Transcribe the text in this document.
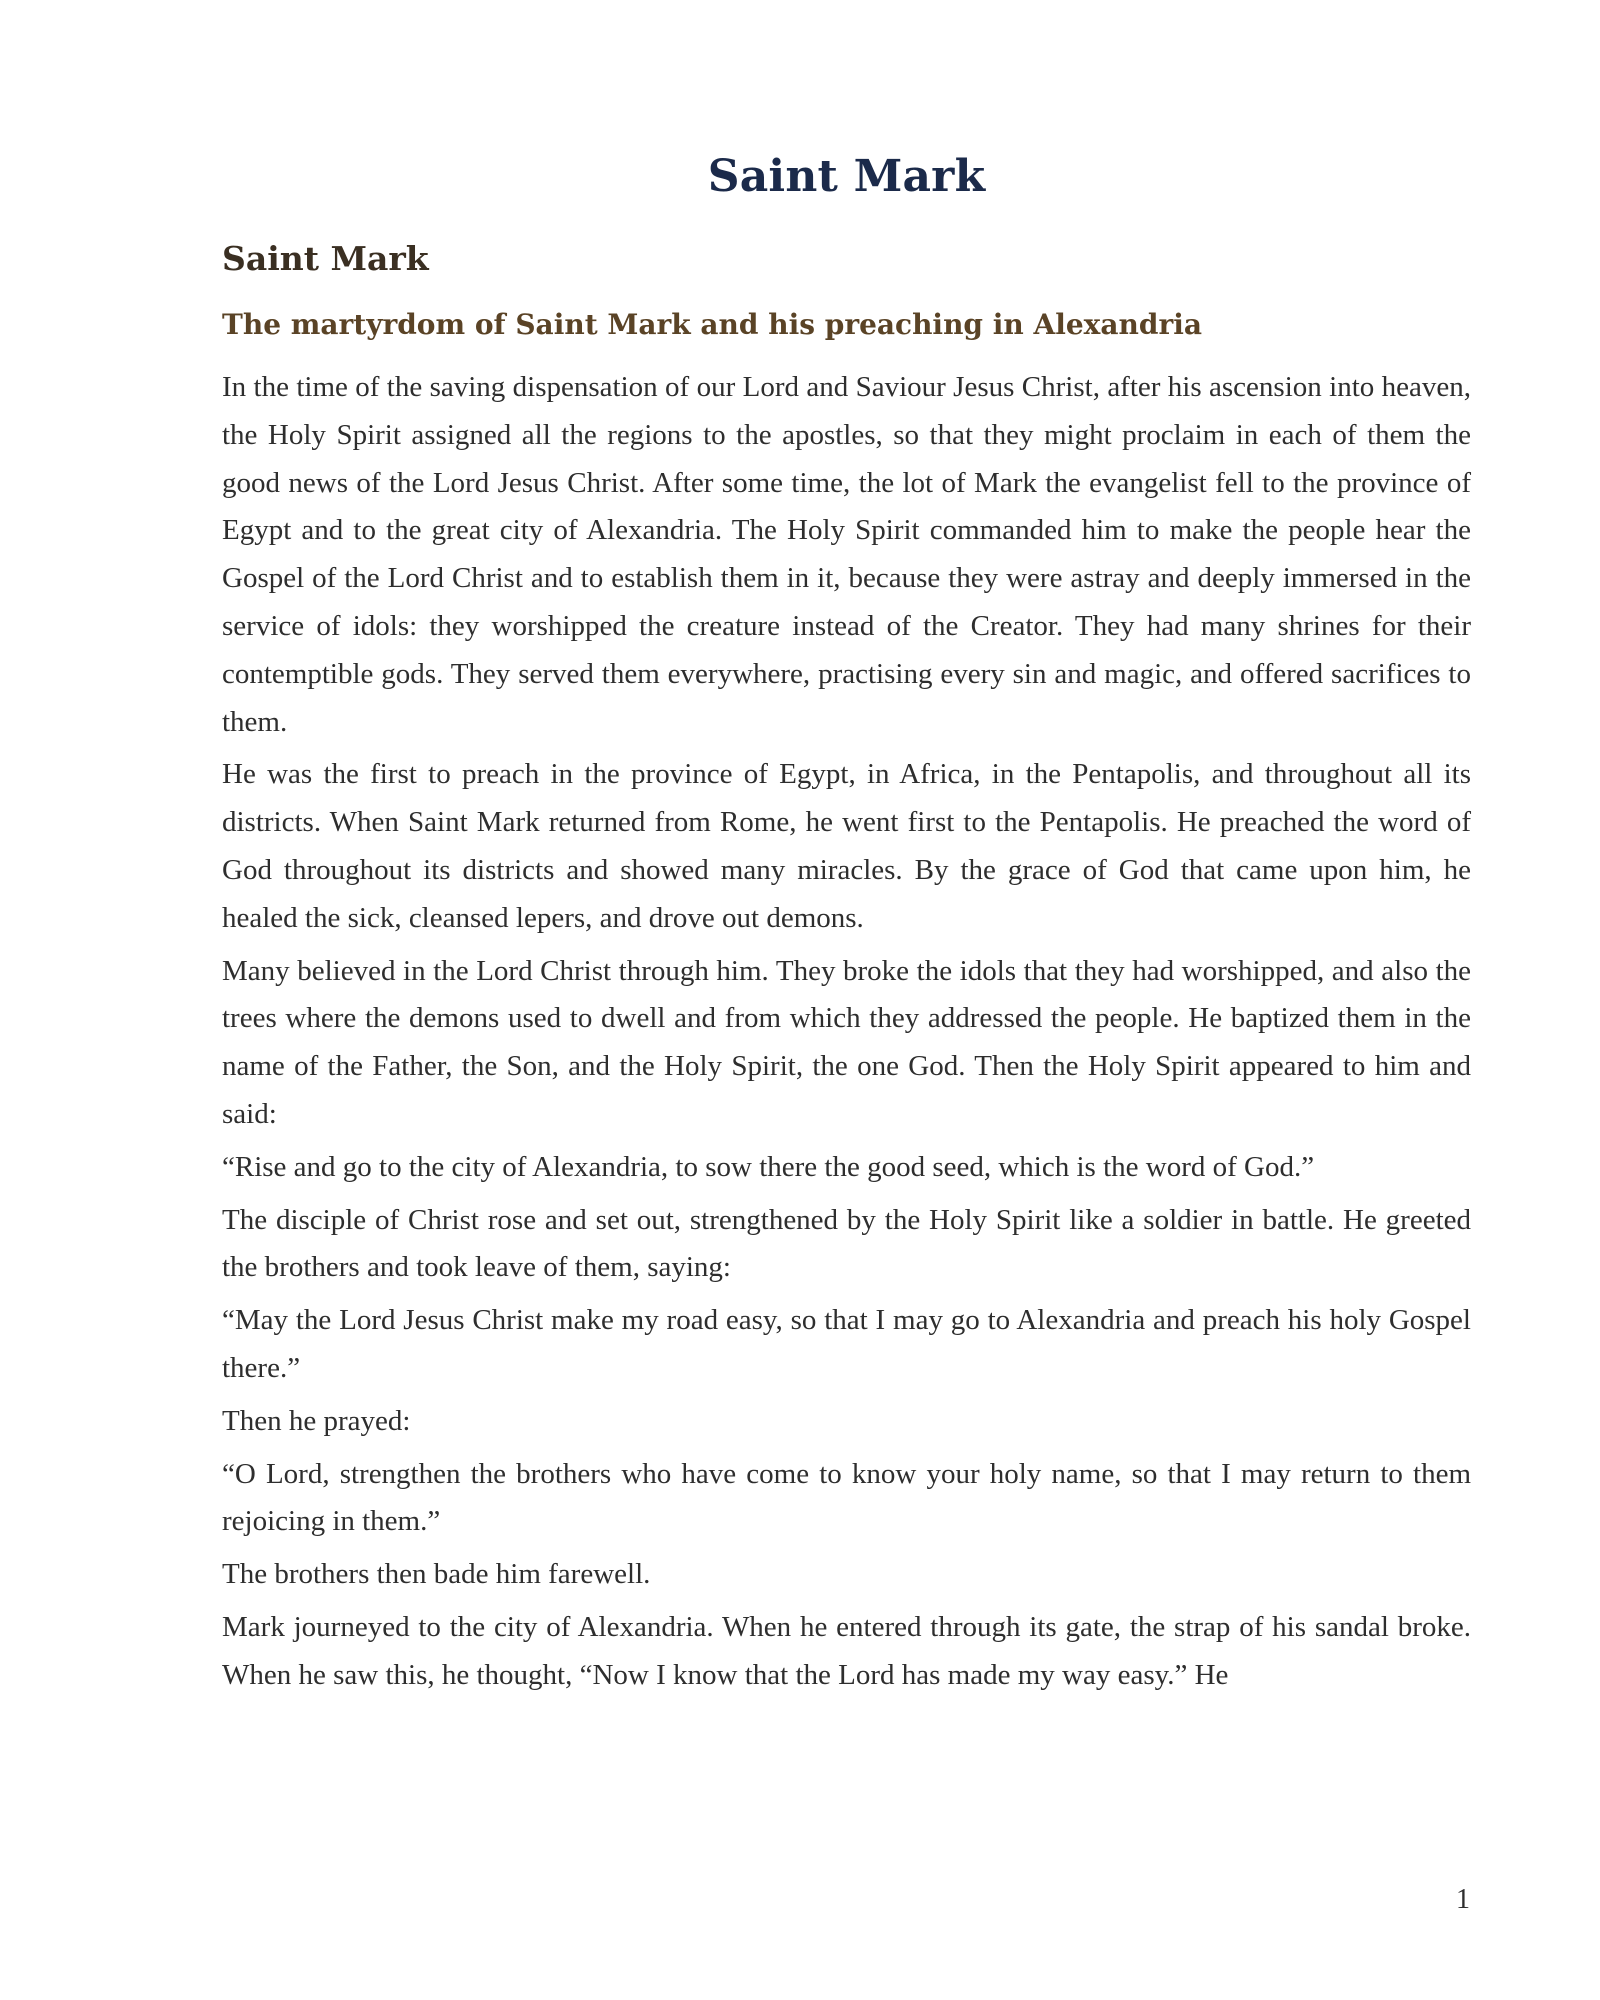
Saint Mark
Saint Mark
The martyrdom of Saint Mark and his preaching in Alexandria

In the time of the saving dispensation of our Lord and Saviour Jesus Christ, after his ascension into heaven, the Holy Spirit assigned all the regions to the apostles, so that they might proclaim in each of them the good news of the Lord Jesus Christ. After some time, the lot of Mark the evangelist fell to the province of Egypt and to the great city of Alexandria. The Holy Spirit commanded him to make the people hear the Gospel of the Lord Christ and to establish them in it, because they were astray and deeply immersed in the service of idols: they worshipped the creature instead of the Creator. They had many shrines for their contemptible gods. They served them everywhere, practising every sin and magic, and offered sacrifices to them.

He was the first to preach in the province of Egypt, in Africa, in the Pentapolis, and throughout all its districts. When Saint Mark returned from Rome, he went first to the Pentapolis. He preached the word of God throughout its districts and showed many miracles. By the grace of God that came upon him, he healed the sick, cleansed lepers, and drove out demons.

Many believed in the Lord Christ through him. They broke the idols that they had worshipped, and also the trees where the demons used to dwell and from which they addressed the people. He baptized them in the name of the Father, the Son, and the Holy Spirit, the one God. Then the Holy Spirit appeared to him and said:

“Rise and go to the city of Alexandria, to sow there the good seed, which is the word of God.”

The disciple of Christ rose and set out, strengthened by the Holy Spirit like a soldier in battle. He greeted the brothers and took leave of them, saying:

“May the Lord Jesus Christ make my road easy, so that I may go to Alexandria and preach his holy Gospel there.”

Then he prayed:

“O Lord, strengthen the brothers who have come to know your holy name, so that I may return to them rejoicing in them.”

The brothers then bade him farewell.

Mark journeyed to the city of Alexandria. When he entered through its gate, the strap of his sandal broke. When he saw this, he thought, “Now I know that the Lord has made my way easy.” He

1
